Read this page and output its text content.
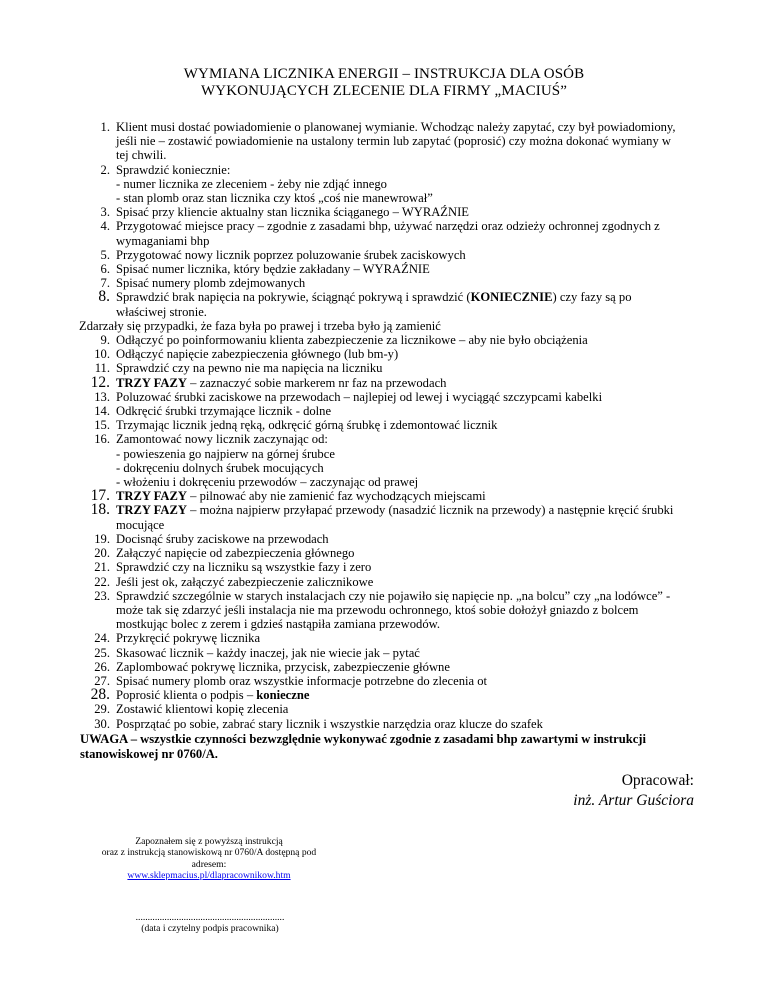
WYMIANA LICZNIKA ENERGII – INSTRUKCJA DLA OSÓB
WYKONUJĄCYCH ZLECENIE DLA FIRMY „MACIUŚ”
1. Klient musi dostać powiadomienie o planowanej wymianie. Wchodząc należy zapytać, czy był powiadomiony,
jeśli nie – zostawić powiadomienie na ustalony termin lub zapytać (poprosić) czy można dokonać wymiany w
tej chwili.
2. Sprawdzić koniecznie:
- numer licznika ze zleceniem - żeby nie zdjąć innego
- stan plomb oraz stan licznika czy ktoś „coś nie manewrował”
3. Spisać przy kliencie aktualny stan licznika ściąganego – WYRAŹNIE
4. Przygotować miejsce pracy – zgodnie z zasadami bhp, używać narzędzi oraz odzieży ochronnej zgodnych z
wymaganiami bhp
5. Przygotować nowy licznik poprzez poluzowanie śrubek zaciskowych
6. Spisać numer licznika, który będzie zakładany – WYRAŹNIE
7. Spisać numery plomb zdejmowanych
8. Sprawdzić brak napięcia na pokrywie, ściągnąć pokrywą i sprawdzić (KONIECZNIE) czy fazy są po
właściwej stronie.
Zdarzały się przypadki, że faza była po prawej i trzeba było ją zamienić
9. Odłączyć po poinformowaniu klienta zabezpieczenie za licznikowe – aby nie było obciążenia
10. Odłączyć napięcie zabezpieczenia głównego (lub bm-y)
11. Sprawdzić czy na pewno nie ma napięcia na liczniku
12. TRZY FAZY – zaznaczyć sobie markerem nr faz na przewodach
13. Poluzować śrubki zaciskowe na przewodach – najlepiej od lewej i wyciągąć szczypcami kabelki
14. Odkręcić śrubki trzymające licznik - dolne
15. Trzymając licznik jedną ręką, odkręcić górną śrubkę i zdemontować licznik
16. Zamontować nowy licznik zaczynając od:
- powieszenia go najpierw na górnej śrubce
- dokręceniu dolnych śrubek mocujących
- włożeniu i dokręceniu przewodów – zaczynając od prawej
17. TRZY FAZY – pilnować aby nie zamienić faz wychodzących miejscami
18. TRZY FAZY – można najpierw przyłapać przewody (nasadzić licznik na przewody) a następnie kręcić śrubki
mocujące
19. Docisnąć śruby zaciskowe na przewodach
20. Załączyć napięcie od zabezpieczenia głównego
21. Sprawdzić czy na liczniku są wszystkie fazy i zero
22. Jeśli jest ok, załączyć zabezpieczenie zalicznikowe
23. Sprawdzić szczególnie w starych instalacjach czy nie pojawiło się napięcie np. „na bolcu” czy „na lodówce” -
może tak się zdarzyć jeśli instalacja nie ma przewodu ochronnego, ktoś sobie dołożył gniazdo z bolcem
mostkując bolec z zerem i gdzieś nastąpiła zamiana przewodów.
24. Przykręcić pokrywę licznika
25. Skasować licznik – każdy inaczej, jak nie wiecie jak – pytać
26. Zaplombować pokrywę licznika, przycisk, zabezpieczenie główne
27. Spisać numery plomb oraz wszystkie informacje potrzebne do zlecenia ot
28. Poprosić klienta o podpis – konieczne
29. Zostawić klientowi kopię zlecenia
30. Posprzątać po sobie, zabrać stary licznik i wszystkie narzędzia oraz klucze do szafek
UWAGA – wszystkie czynności bezwzględnie wykonywać zgodnie z zasadami bhp zawartymi w instrukcji
stanowiskowej nr 0760/A.
Opracował:
inż. Artur Guściora
Zapoznałem się z powyższą instrukcją
oraz z instrukcją stanowiskową nr 0760/A dostępną pod
adresem:
www.sklepmacius.pl/dlapracownikow.htm
..............................................................
(data i czytelny podpis pracownika)
